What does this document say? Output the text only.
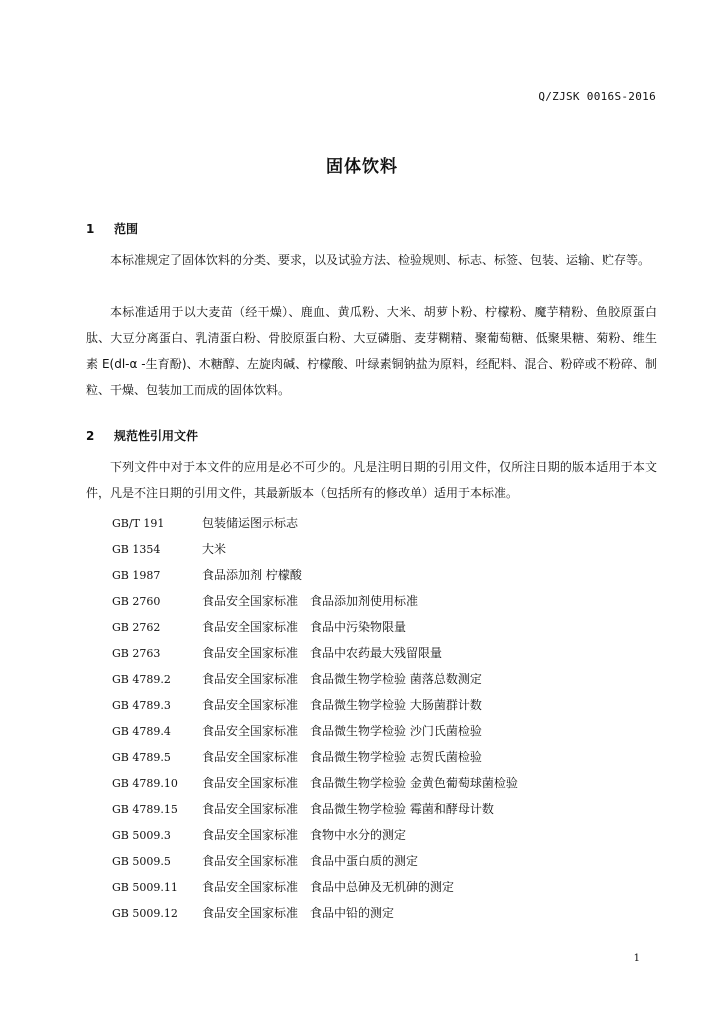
Q/ZJSK 0016S-2016
固体饮料
1 范围

本标准规定了固体饮料的分类、要求，以及试验方法、检验规则、标志、标签、包装、运输、贮存等。

本标准适用于以大麦苗（经干燥）、鹿血、黄瓜粉、大米、胡萝卜粉、柠檬粉、魔芋精粉、鱼胶原蛋白肽、大豆分离蛋白、乳清蛋白粉、骨胶原蛋白粉、大豆磷脂、麦芽糊精、聚葡萄糖、低聚果糖、菊粉、维生素 E(dl-α -生育酚)、木糖醇、左旋肉碱、柠檬酸、叶绿素铜钠盐为原料，经配料、混合、粉碎或不粉碎、制粒、干燥、包装加工而成的固体饮料。

2 规范性引用文件

下列文件中对于本文件的应用是必不可少的。凡是注明日期的引用文件，仅所注日期的版本适用于本文件，凡是不注日期的引用文件，其最新版本（包括所有的修改单）适用于本标准。

GB/T 191	包装储运图示标志
GB 1354	大米
GB 1987	食品添加剂 柠檬酸
GB 2760	食品安全国家标准　食品添加剂使用标准
GB 2762	食品安全国家标准　食品中污染物限量
GB 2763	食品安全国家标准　食品中农药最大残留限量
GB 4789.2	食品安全国家标准　食品微生物学检验 菌落总数测定
GB 4789.3	食品安全国家标准　食品微生物学检验 大肠菌群计数
GB 4789.4	食品安全国家标准　食品微生物学检验 沙门氏菌检验
GB 4789.5	食品安全国家标准　食品微生物学检验 志贺氏菌检验
GB 4789.10 食品安全国家标准　食品微生物学检验 金黄色葡萄球菌检验
GB 4789.15 食品安全国家标准　食品微生物学检验 霉菌和酵母计数
GB 5009.3	食品安全国家标准　食物中水分的测定
GB 5009.5	食品安全国家标准　食品中蛋白质的测定
GB 5009.11 食品安全国家标准　食品中总砷及无机砷的测定
GB 5009.12 食品安全国家标准　食品中铅的测定
1
